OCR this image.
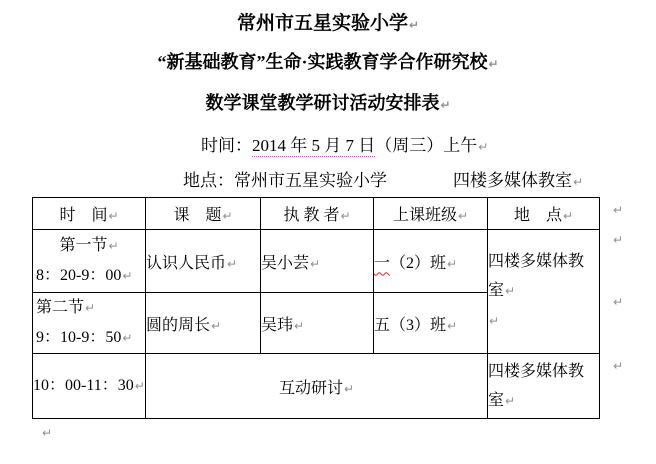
常州市五星实验小学↵
“新基础教育”生命·实践教育学合作研究校↵
数学课堂教学研讨活动安排表↵
时间：2014 年 5 月 7 日（周三）上午↵
地点：常州市五星实验小学	四楼多媒体教室↵
时　间↵	课　题↵	执 教 者↵	上课班级↵	地　点↵

第一节↵
8：20-9：00↵
	认识人民币↵	吴小芸↵	一（2）班↵	四楼多媒体教室↵
↵

第二节↵
9：10-9：50↵	圆的周长↵	吴玮↵	五（3）班↵	
10：00-11：30↵	互动研讨↵			四楼多媒体教室↵
↵
↵
↵
↵
↵
